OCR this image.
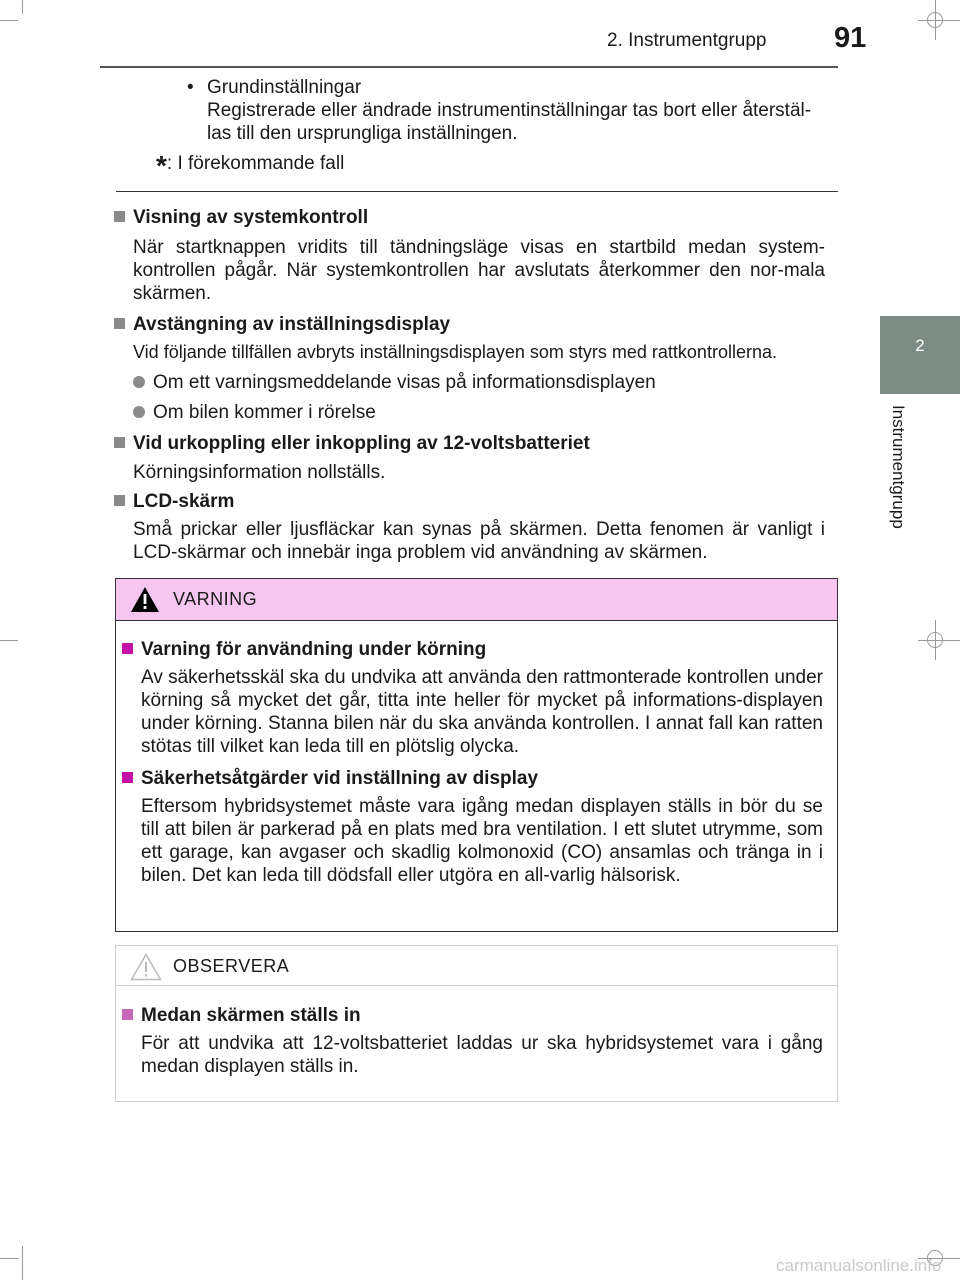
2. Instrumentgrupp	91
2
Instrumentgrupp
• Grundinställningar
Registrerade eller ändrade instrumentinställningar tas bort eller återstäl-
las till den ursprungliga inställningen.
*: I förekommande fall
Visning av systemkontroll
När startknappen vridits till tändningsläge visas en startbild medan system-kontrollen pågår. När systemkontrollen har avslutats återkommer den nor-mala skärmen.
Avstängning av inställningsdisplay
Vid följande tillfällen avbryts inställningsdisplayen som styrs med rattkontrollerna.
Om ett varningsmeddelande visas på informationsdisplayen
Om bilen kommer i rörelse
Vid urkoppling eller inkoppling av 12-voltsbatteriet
Körningsinformation nollställs.
LCD-skärm
Små prickar eller ljusfläckar kan synas på skärmen. Detta fenomen är vanligt i LCD-skärmar och innebär inga problem vid användning av skärmen.
VARNING
Varning för användning under körning
Av säkerhetsskäl ska du undvika att använda den rattmonterade kontrollen under körning så mycket det går, titta inte heller för mycket på informations-displayen under körning. Stanna bilen när du ska använda kontrollen. I annat fall kan ratten stötas till vilket kan leda till en plötslig olycka.
Säkerhetsåtgärder vid inställning av display
Eftersom hybridsystemet måste vara igång medan displayen ställs in bör du se till att bilen är parkerad på en plats med bra ventilation. I ett slutet utrymme, som ett garage, kan avgaser och skadlig kolmonoxid (CO) ansamlas och tränga in i bilen. Det kan leda till dödsfall eller utgöra en all-varlig hälsorisk.
OBSERVERA
Medan skärmen ställs in
För att undvika att 12-voltsbatteriet laddas ur ska hybridsystemet vara i gång medan displayen ställs in.
carmanualsonline.info
